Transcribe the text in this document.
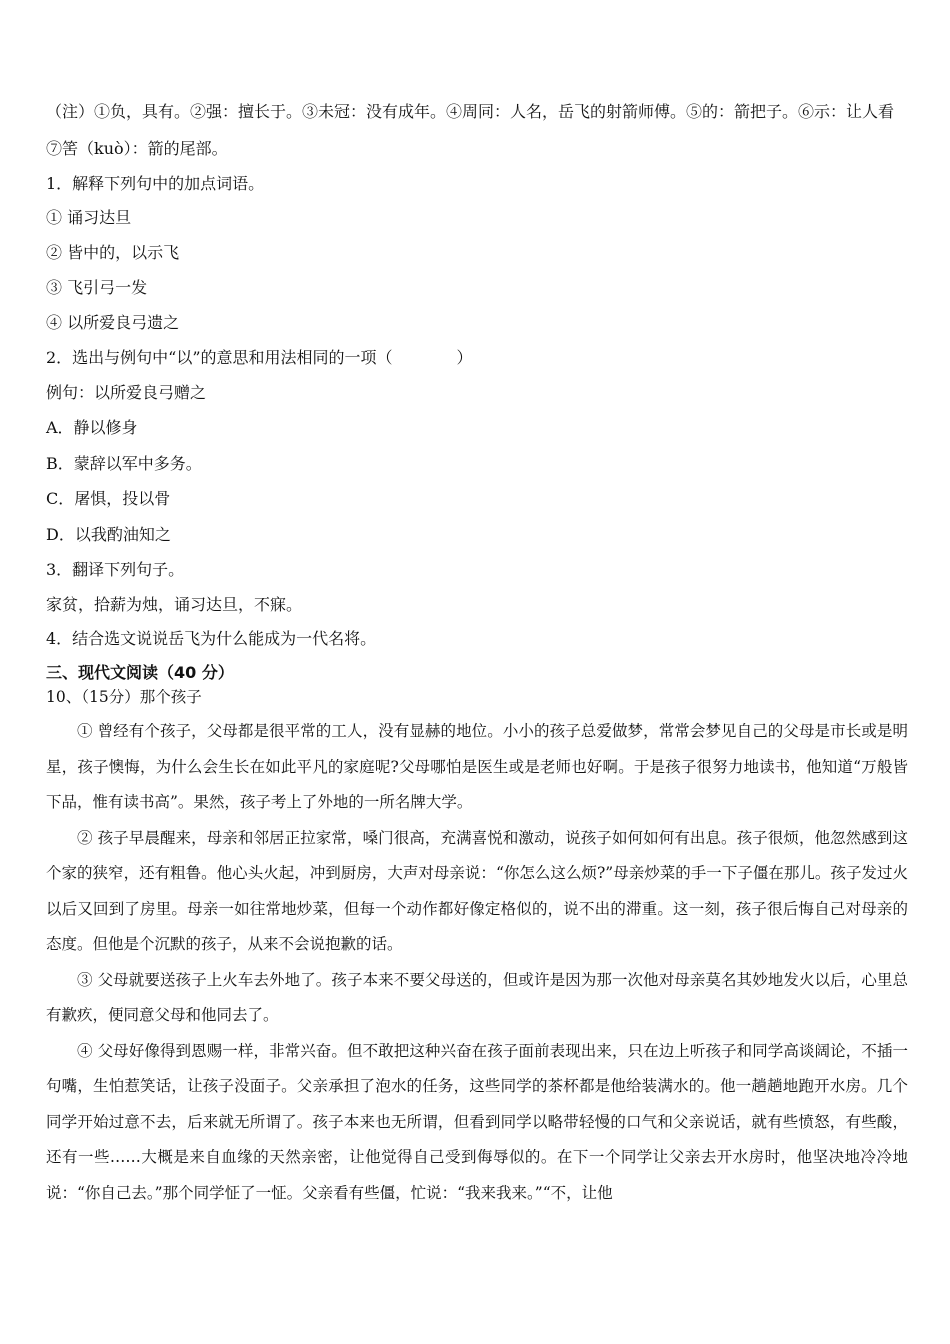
（注）①负，具有。②强：擅长于。③未冠：没有成年。④周同：人名，岳飞的射箭师傅。⑤的：箭把子。⑥示：让人看
⑦筈（kuò）：箭的尾部。
1．解释下列句中的加点词语。
① 诵习达旦
② 皆中的，以示飞
③ 飞引弓一发
④ 以所爱良弓遗之
2．选出与例句中“以”的意思和用法相同的一项（　　　　）
例句：以所爱良弓赠之
A．静以修身
B．蒙辞以军中多务。
C．屠惧，投以骨
D．以我酌油知之
3．翻译下列句子。
家贫，拾薪为烛，诵习达旦，不寐。
4．结合选文说说岳飞为什么能成为一代名将。
三、现代文阅读（40 分）
10、（15分）那个孩子

① 曾经有个孩子，父母都是很平常的工人，没有显赫的地位。小小的孩子总爱做梦，常常会梦见自己的父母是市长或是明星，孩子懊悔，为什么会生长在如此平凡的家庭呢?父母哪怕是医生或是老师也好啊。于是孩子很努力地读书，他知道“万般皆下品，惟有读书高”。果然，孩子考上了外地的一所名牌大学。

② 孩子早晨醒来，母亲和邻居正拉家常，嗓门很高，充满喜悦和激动，说孩子如何如何有出息。孩子很烦，他忽然感到这个家的狭窄，还有粗鲁。他心头火起，冲到厨房，大声对母亲说：“你怎么这么烦?”母亲炒菜的手一下子僵在那儿。孩子发过火以后又回到了房里。母亲一如往常地炒菜，但每一个动作都好像定格似的，说不出的滞重。这一刻，孩子很后悔自己对母亲的态度。但他是个沉默的孩子，从来不会说抱歉的话。

③ 父母就要送孩子上火车去外地了。孩子本来不要父母送的，但或许是因为那一次他对母亲莫名其妙地发火以后，心里总有歉疚，便同意父母和他同去了。

④ 父母好像得到恩赐一样，非常兴奋。但不敢把这种兴奋在孩子面前表现出来，只在边上听孩子和同学高谈阔论，不插一句嘴，生怕惹笑话，让孩子没面子。父亲承担了泡水的任务，这些同学的茶杯都是他给装满水的。他一趟趟地跑开水房。几个同学开始过意不去，后来就无所谓了。孩子本来也无所谓，但看到同学以略带轻慢的口气和父亲说话，就有些愤怒，有些酸，还有一些……大概是来自血缘的天然亲密，让他觉得自己受到侮辱似的。在下一个同学让父亲去开水房时，他坚决地冷冷地说：“你自己去。”那个同学怔了一怔。父亲看有些僵，忙说：“我来我来。”“不，让他
